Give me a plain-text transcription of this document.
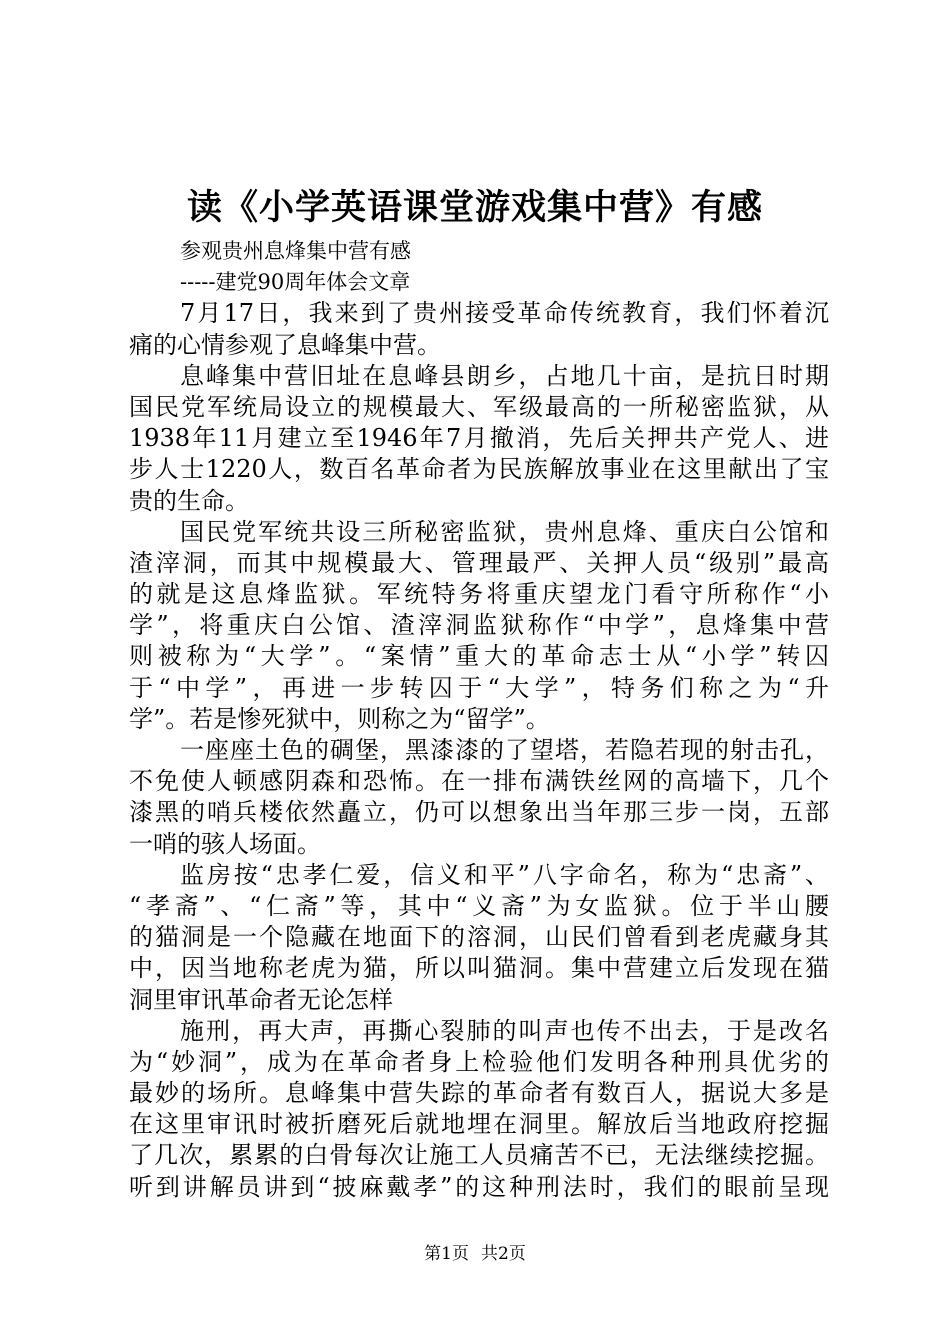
读《小学英语课堂游戏集中营》有感
参观贵州息烽集中营有感
-----建党90周年体会文章
7月17日，我来到了贵州接受革命传统教育，我们怀着沉
痛的心情参观了息峰集中营。
息峰集中营旧址在息峰县朗乡，占地几十亩，是抗日时期
国民党军统局设立的规模最大、军级最高的一所秘密监狱，从
1938年11月建立至1946年7月撤消，先后关押共产党人、进
步人士1220人，数百名革命者为民族解放事业在这里献出了宝
贵的生命。
国民党军统共设三所秘密监狱，贵州息烽、重庆白公馆和
渣滓洞，而其中规模最大、管理最严、关押人员“级别”最高
的就是这息烽监狱。军统特务将重庆望龙门看守所称作“小
学”，将重庆白公馆、渣滓洞监狱称作“中学”，息烽集中营
则被称为“大学”。“案情”重大的革命志士从“小学”转囚
于“中学”，再进一步转囚于“大学”，特务们称之为“升
学”。若是惨死狱中，则称之为“留学”。
一座座土色的碉堡，黑漆漆的了望塔，若隐若现的射击孔，
不免使人顿感阴森和恐怖。在一排布满铁丝网的高墙下，几个
漆黑的哨兵楼依然矗立，仍可以想象出当年那三步一岗，五部
一哨的骇人场面。
监房按“忠孝仁爱，信义和平”八字命名，称为“忠斋”、
“孝斋”、“仁斋”等，其中“义斋”为女监狱。位于半山腰
的猫洞是一个隐藏在地面下的溶洞，山民们曾看到老虎藏身其
中，因当地称老虎为猫，所以叫猫洞。集中营建立后发现在猫
洞里审讯革命者无论怎样
施刑，再大声，再撕心裂肺的叫声也传不出去，于是改名
为“妙洞”，成为在革命者身上检验他们发明各种刑具优劣的
最妙的场所。息峰集中营失踪的革命者有数百人，据说大多是
在这里审讯时被折磨死后就地埋在洞里。解放后当地政府挖掘
了几次，累累的白骨每次让施工人员痛苦不已，无法继续挖掘。
听到讲解员讲到“披麻戴孝”的这种刑法时，我们的眼前呈现
第1页 共2页
